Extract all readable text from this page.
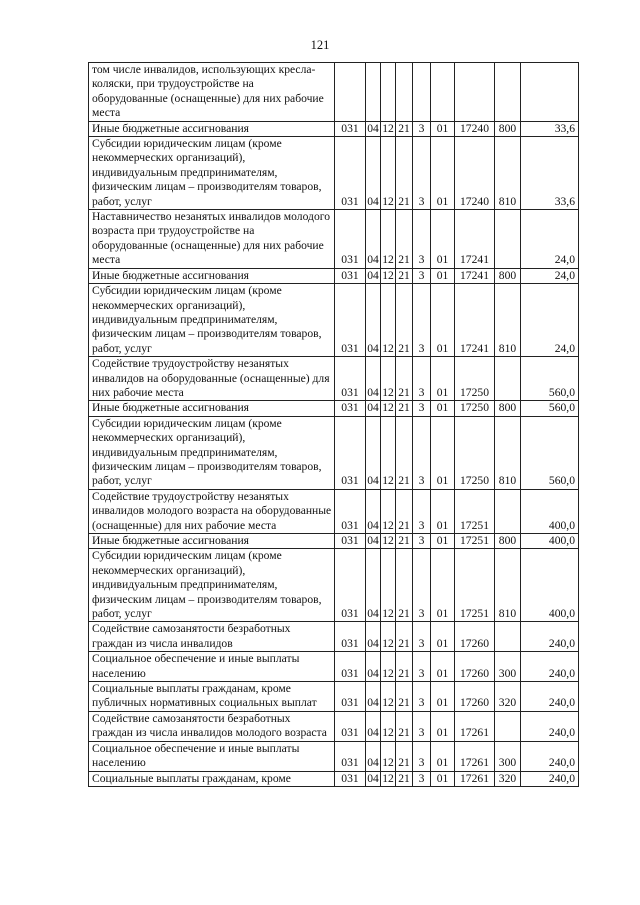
121
том числе инвалидов, использующих кресла-коляски, при трудоустройстве на оборудованные (оснащенные) для них рабочие места									
Иные бюджетные ассигнования	031	04	12	21	3	01	17240	800	33,6
Субсидии юридическим лицам (кроме некоммерческих организаций), индивидуальным предпринимателям, физическим лицам – производителям товаров, работ, услуг	031	04	12	21	3	01	17240	810	33,6
Наставничество незанятых инвалидов молодого возраста при трудоустройстве на оборудованные (оснащенные) для них рабочие места	031	04	12	21	3	01	17241		24,0
Иные бюджетные ассигнования	031	04	12	21	3	01	17241	800	24,0
Субсидии юридическим лицам (кроме некоммерческих организаций), индивидуальным предпринимателям, физическим лицам – производителям товаров, работ, услуг	031	04	12	21	3	01	17241	810	24,0
Содействие трудоустройству незанятых инвалидов на оборудованные (оснащенные) для них рабочие места	031	04	12	21	3	01	17250		560,0
Иные бюджетные ассигнования	031	04	12	21	3	01	17250	800	560,0
Субсидии юридическим лицам (кроме некоммерческих организаций), индивидуальным предпринимателям, физическим лицам – производителям товаров, работ, услуг	031	04	12	21	3	01	17250	810	560,0
Содействие трудоустройству незанятых инвалидов молодого возраста на оборудованные (оснащенные) для них рабочие места	031	04	12	21	3	01	17251		400,0
Иные бюджетные ассигнования	031	04	12	21	3	01	17251	800	400,0
Субсидии юридическим лицам (кроме некоммерческих организаций), индивидуальным предпринимателям, физическим лицам – производителям товаров, работ, услуг	031	04	12	21	3	01	17251	810	400,0
Содействие самозанятости безработных граждан из числа инвалидов	031	04	12	21	3	01	17260		240,0
Социальное обеспечение и иные выплаты населению	031	04	12	21	3	01	17260	300	240,0
Социальные выплаты гражданам, кроме публичных нормативных социальных выплат	031	04	12	21	3	01	17260	320	240,0
Содействие самозанятости безработных граждан из числа инвалидов молодого возраста	031	04	12	21	3	01	17261		240,0
Социальное обеспечение и иные выплаты населению	031	04	12	21	3	01	17261	300	240,0
Социальные выплаты гражданам, кроме	031	04	12	21	3	01	17261	320	240,0
